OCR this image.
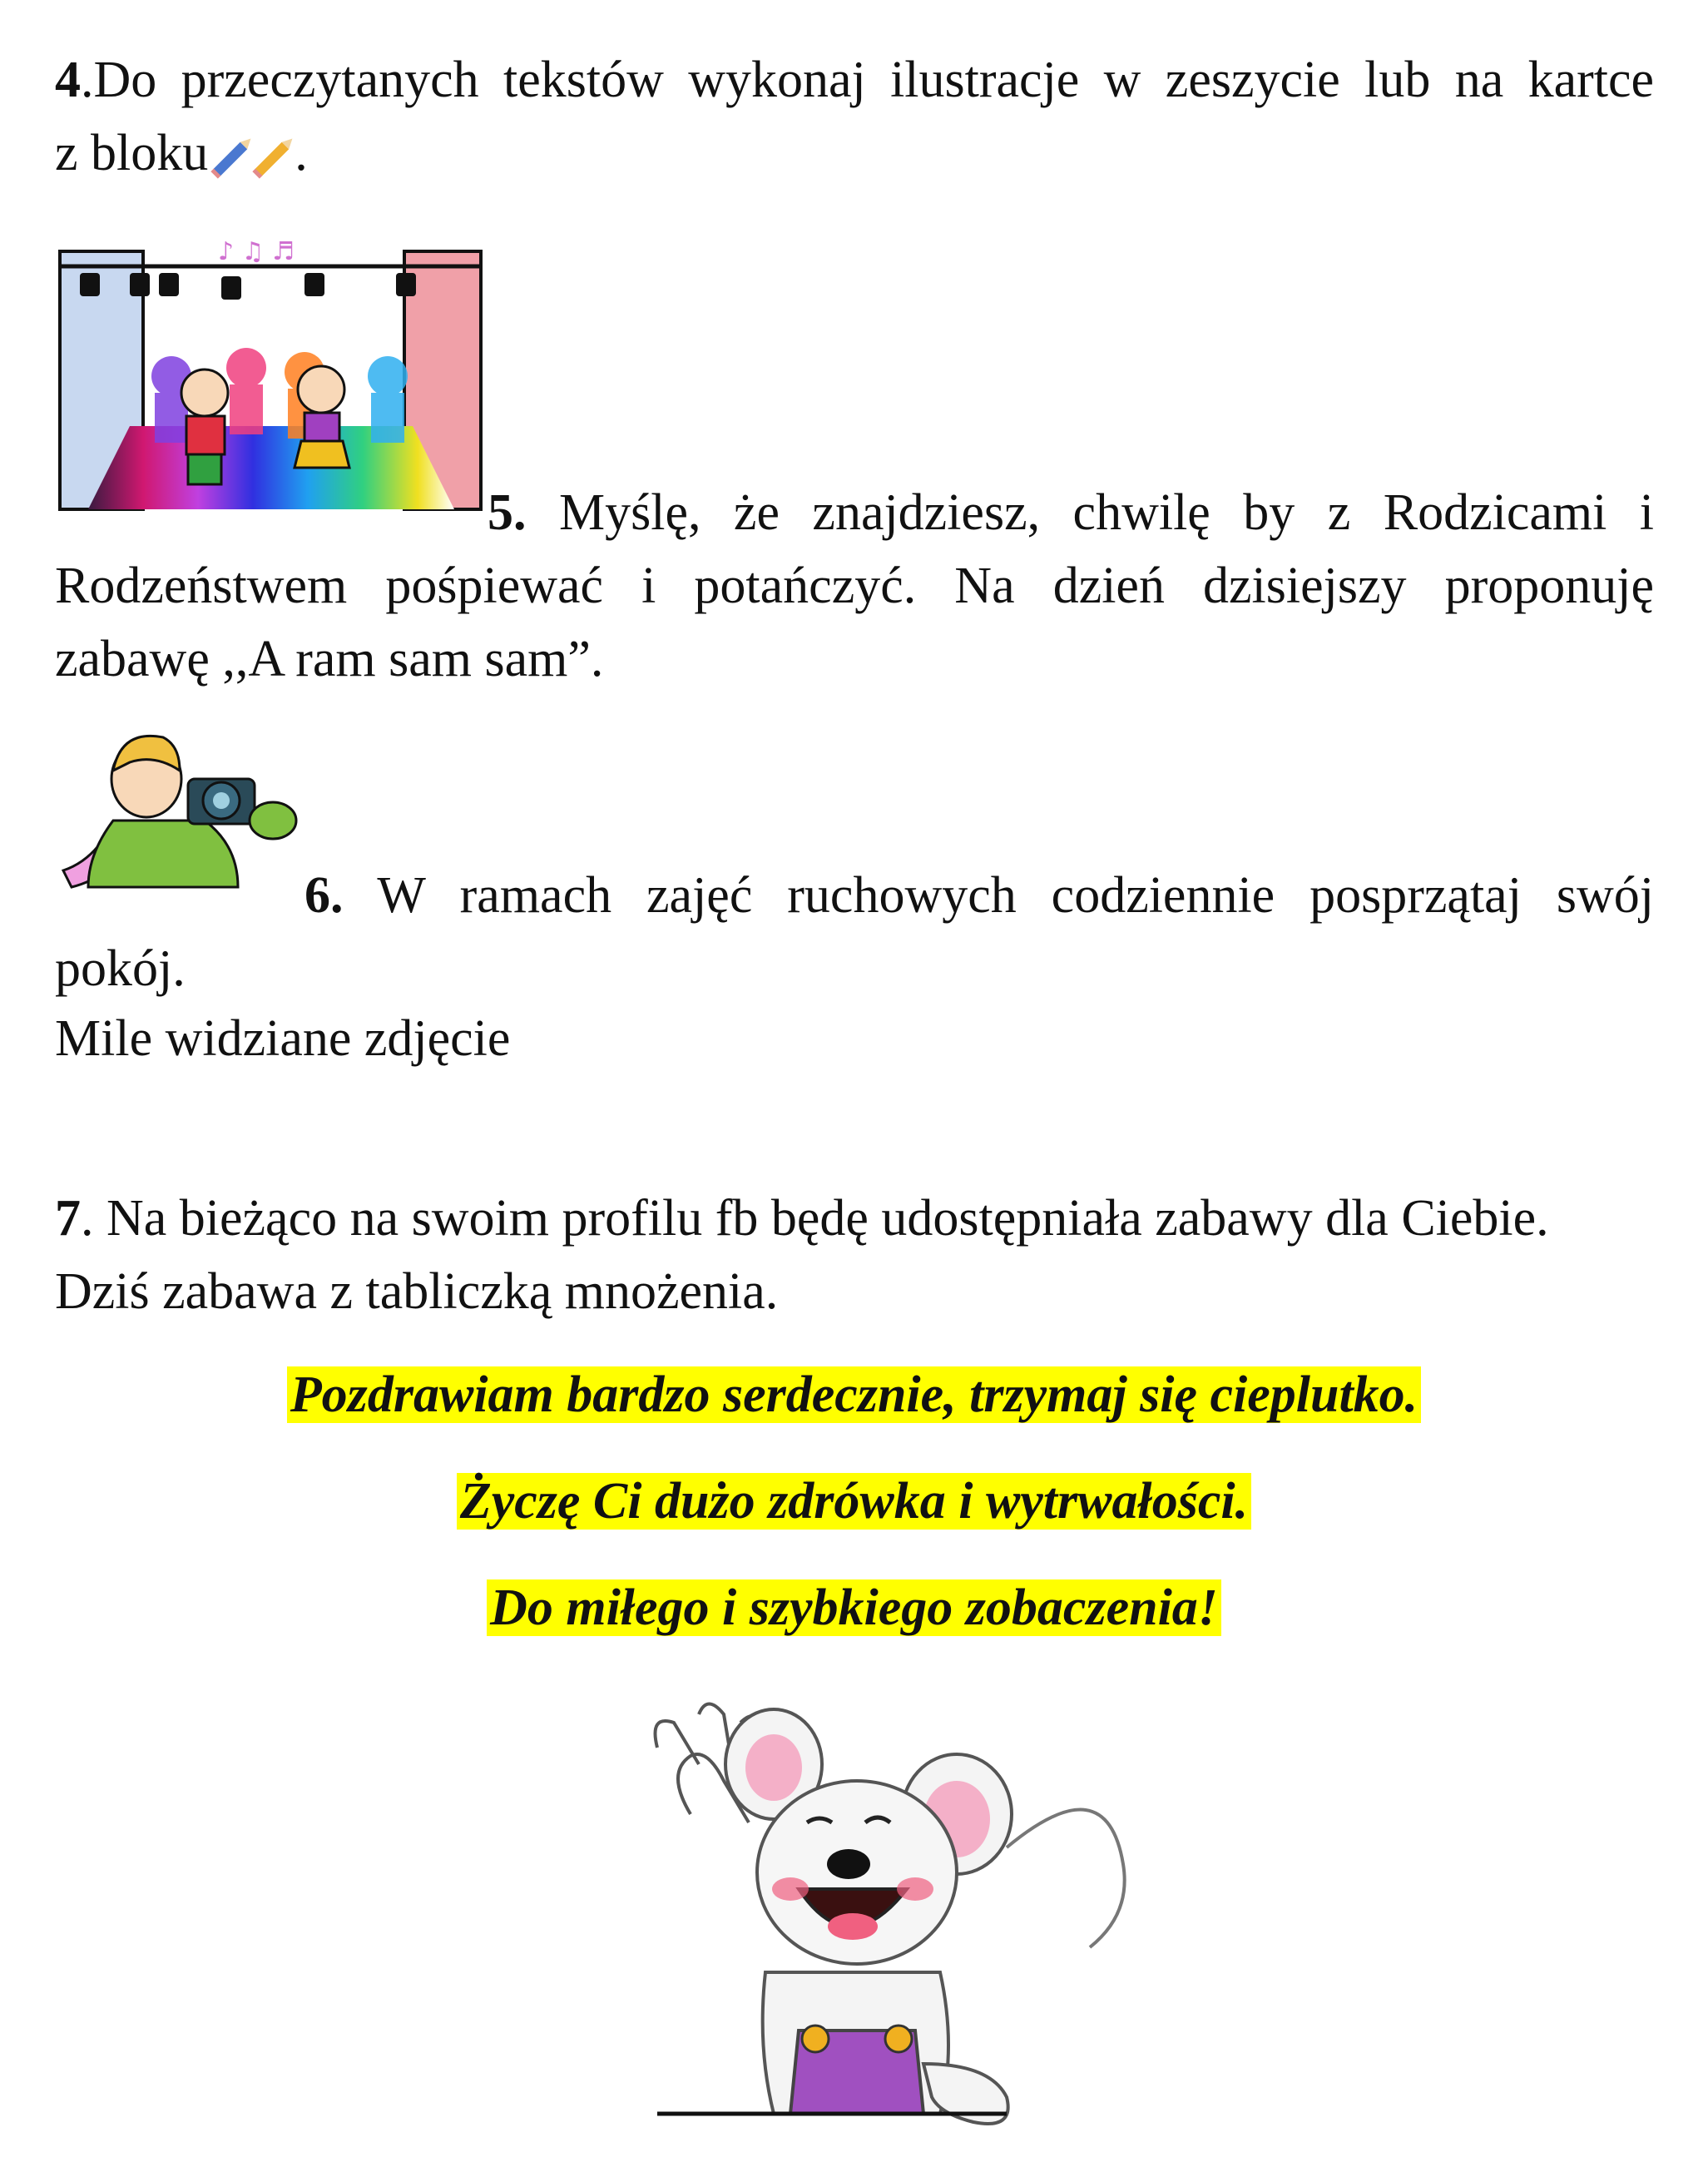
4.Do przeczytanych tekstów wykonaj ilustracje w zeszycie lub na kartce
z bloku .
♪ ♫ ♬
5. Myślę, że znajdziesz, chwilę by z Rodzicami i
Rodzeństwem pośpiewać i potańczyć. Na dzień dzisiejszy proponuję
zabawę ,,A ram sam sam”.
6. W ramach zajęć ruchowych codziennie posprzątaj swój
pokój.
Mile widziane zdjęcie
7. Na bieżąco na swoim profilu fb będę udostępniała zabawy dla Ciebie.
Dziś zabawa z tabliczką mnożenia.
Pozdrawiam bardzo serdecznie, trzymaj się cieplutko.
Życzę Ci dużo zdrówka i wytrwałości.
Do miłego i szybkiego zobaczenia!
